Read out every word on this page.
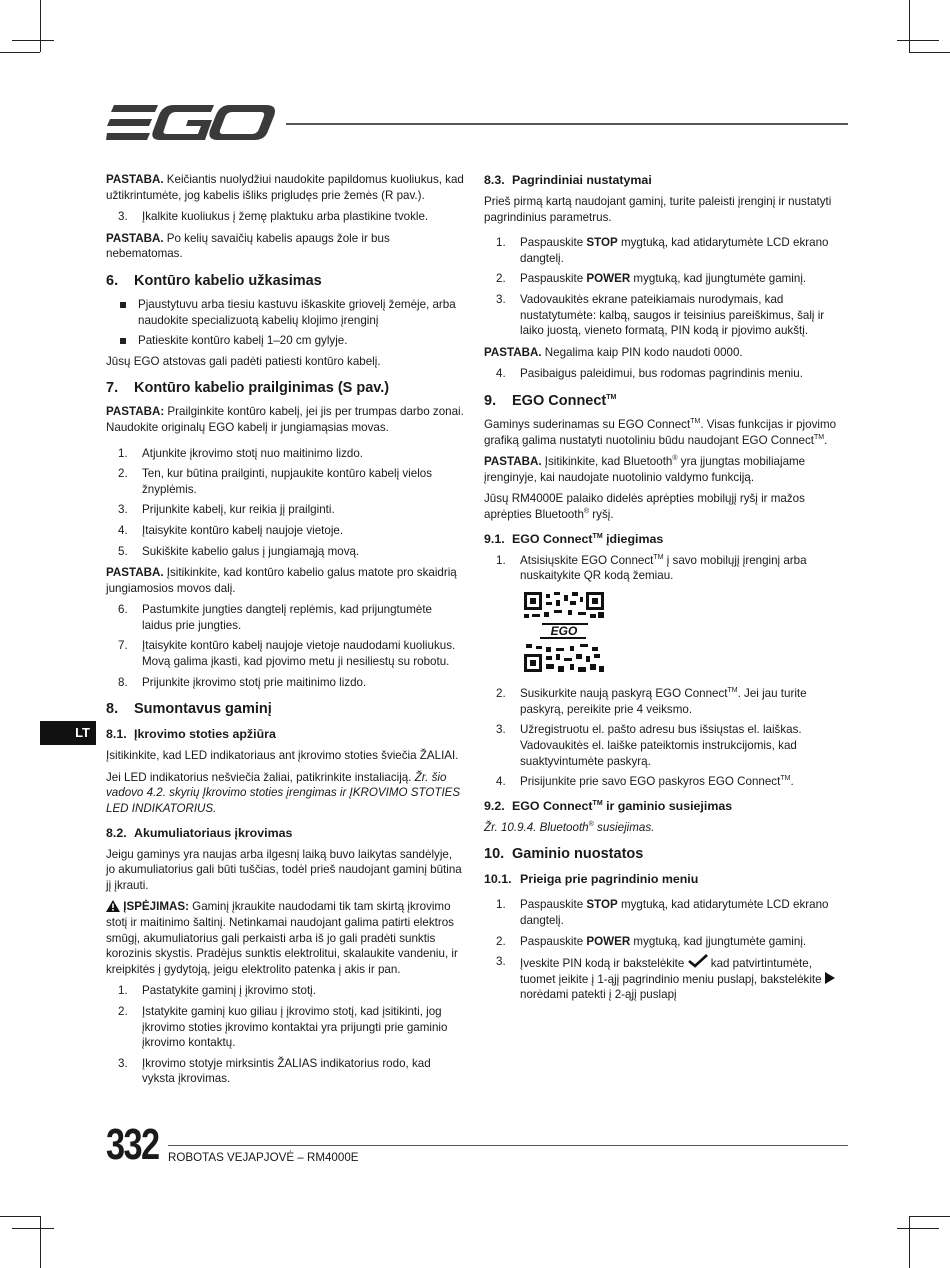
LT

PASTABA. Keičiantis nuolydžiui naudokite papildomus kuoliukus, kad užtikrintumėte, jog kabelis išliks prigludęs prie žemės (R pav.).

3. Įkalkite kuoliukus į žemę plaktuku arba plastikine tvokle.

PASTABA. Po kelių savaičių kabelis apaugs žole ir bus nebematomas.

6. Kontūro kabelio užkasimas
Pjaustytuvu arba tiesiu kastuvu iškaskite griovelį žemėje, arba naudokite specializuotą kabelių klojimo įrenginį
Patieskite kontūro kabelį 1–20 cm gylyje.

Jūsų EGO atstovas gali padėti patiesti kontūro kabelį.

7. Kontūro kabelio prailginimas (S pav.)

PASTABA: Prailginkite kontūro kabelį, jei jis per trumpas darbo zonai. Naudokite originalų EGO kabelį ir jungiamąsias movas.

1. Atjunkite įkrovimo stotį nuo maitinimo lizdo.
2. Ten, kur būtina prailginti, nupjaukite kontūro kabelį vielos žnyplėmis.
3. Prijunkite kabelį, kur reikia jį prailginti.
4. Įtaisykite kontūro kabelį naujoje vietoje.
5. Sukiškite kabelio galus į jungiamąją movą.

PASTABA. Įsitikinkite, kad kontūro kabelio galus matote pro skaidrią jungiamosios movos dalį.

6. Pastumkite jungties dangtelį replėmis, kad prijungtumėte laidus prie jungties.
7. Įtaisykite kontūro kabelį naujoje vietoje naudodami kuoliukus. Movą galima įkasti, kad pjovimo metu ji nesiliestų su robotu.
8. Prijunkite įkrovimo stotį prie maitinimo lizdo.
8. Sumontavus gaminį
8.1. Įkrovimo stoties apžiūra

Įsitikinkite, kad LED indikatoriaus ant įkrovimo stoties šviečia ŽALIAI.

Jei LED indikatorius nešviečia žaliai, patikrinkite instaliaciją. Žr. šio vadovo 4.2. skyrių Įkrovimo stoties įrengimas ir ĮKROVIMO STOTIES LED INDIKATORIUS.

8.2. Akumuliatoriaus įkrovimas

Jeigu gaminys yra naujas arba ilgesnį laiką buvo laikytas sandėlyje, jo akumuliatorius gali būti tuščias, todėl prieš naudojant gaminį būtina jį įkrauti.

ĮSPĖJIMAS: Gaminį įkraukite naudodami tik tam skirtą įkrovimo stotį ir maitinimo šaltinį. Netinkamai naudojant galima patirti elektros smūgį, akumuliatorius gali perkaisti arba iš jo gali pradėti sunktis korozinis skystis. Pradėjus sunktis elektrolitui, skalaukite vandeniu, ir kreipkitės į gydytoją, jeigu elektrolito patenka į akis ir pan.

1. Pastatykite gaminį į įkrovimo stotį.
2. Įstatykite gaminį kuo giliau į įkrovimo stotį, kad įsitikinti, jog įkrovimo stoties įkrovimo kontaktai yra prijungti prie gaminio įkrovimo kontaktų.
3. Įkrovimo stotyje mirksintis ŽALIAS indikatorius rodo, kad vyksta įkrovimas.
8.3. Pagrindiniai nustatymai

Prieš pirmą kartą naudojant gaminį, turite paleisti įrenginį ir nustatyti pagrindinius parametrus.

1. Paspauskite STOP mygtuką, kad atidarytumėte LCD ekrano dangtelį.
2. Paspauskite POWER mygtuką, kad įjungtumėte gaminį.
3. Vadovaukitės ekrane pateikiamais nurodymais, kad nustatytumėte: kalbą, saugos ir teisinius pareiškimus, šalį ir laiko juostą, vieneto formatą, PIN kodą ir pjovimo aukštį.

PASTABA. Negalima kaip PIN kodo naudoti 0000.

4. Pasibaigus paleidimui, bus rodomas pagrindinis meniu.
9. EGO Connect™

Gaminys suderinamas su EGO Connect™. Visas funkcijas ir pjovimo grafiką galima nustatyti nuotoliniu būdu naudojant EGO Connect™.

PASTABA. Įsitikinkite, kad Bluetooth® yra įjungtas mobiliajame įrenginyje, kai naudojate nuotolinio valdymo funkciją.

Jūsų RM4000E palaiko didelės aprėpties mobilųjį ryšį ir mažos aprėpties Bluetooth® ryšį.

9.1. EGO Connect™ įdiegimas
1. Atsisiųskite EGO Connect™ į savo mobilųjį įrenginį arba nuskaitykite QR kodą žemiau.
EGO
2. Susikurkite naują paskyrą EGO Connect™. Jei jau turite paskyrą, pereikite prie 4 veiksmo.
3. Užregistruotu el. pašto adresu bus išsiųstas el. laiškas. Vadovaukitės el. laiške pateiktomis instrukcijomis, kad suaktyvintumėte paskyrą.
4. Prisijunkite prie savo EGO paskyros EGO Connect™.
9.2. EGO Connect™ ir gaminio susiejimas

Žr. 10.9.4. Bluetooth® susiejimas.

10. Gaminio nuostatos
10.1. Prieiga prie pagrindinio meniu
1. Paspauskite STOP mygtuką, kad atidarytumėte LCD ekrano dangtelį.
2. Paspauskite POWER mygtuką, kad įjungtumėte gaminį.
3. Įveskite PIN kodą ir bakstelėkite  kad patvirtintumėte, tuomet įeikite į 1-ąjį pagrindinio meniu puslapį, bakstelėkite  norėdami patekti į 2-ąjį puslapį
332 ROBOTAS VEJAPJOVĖ – RM4000E
